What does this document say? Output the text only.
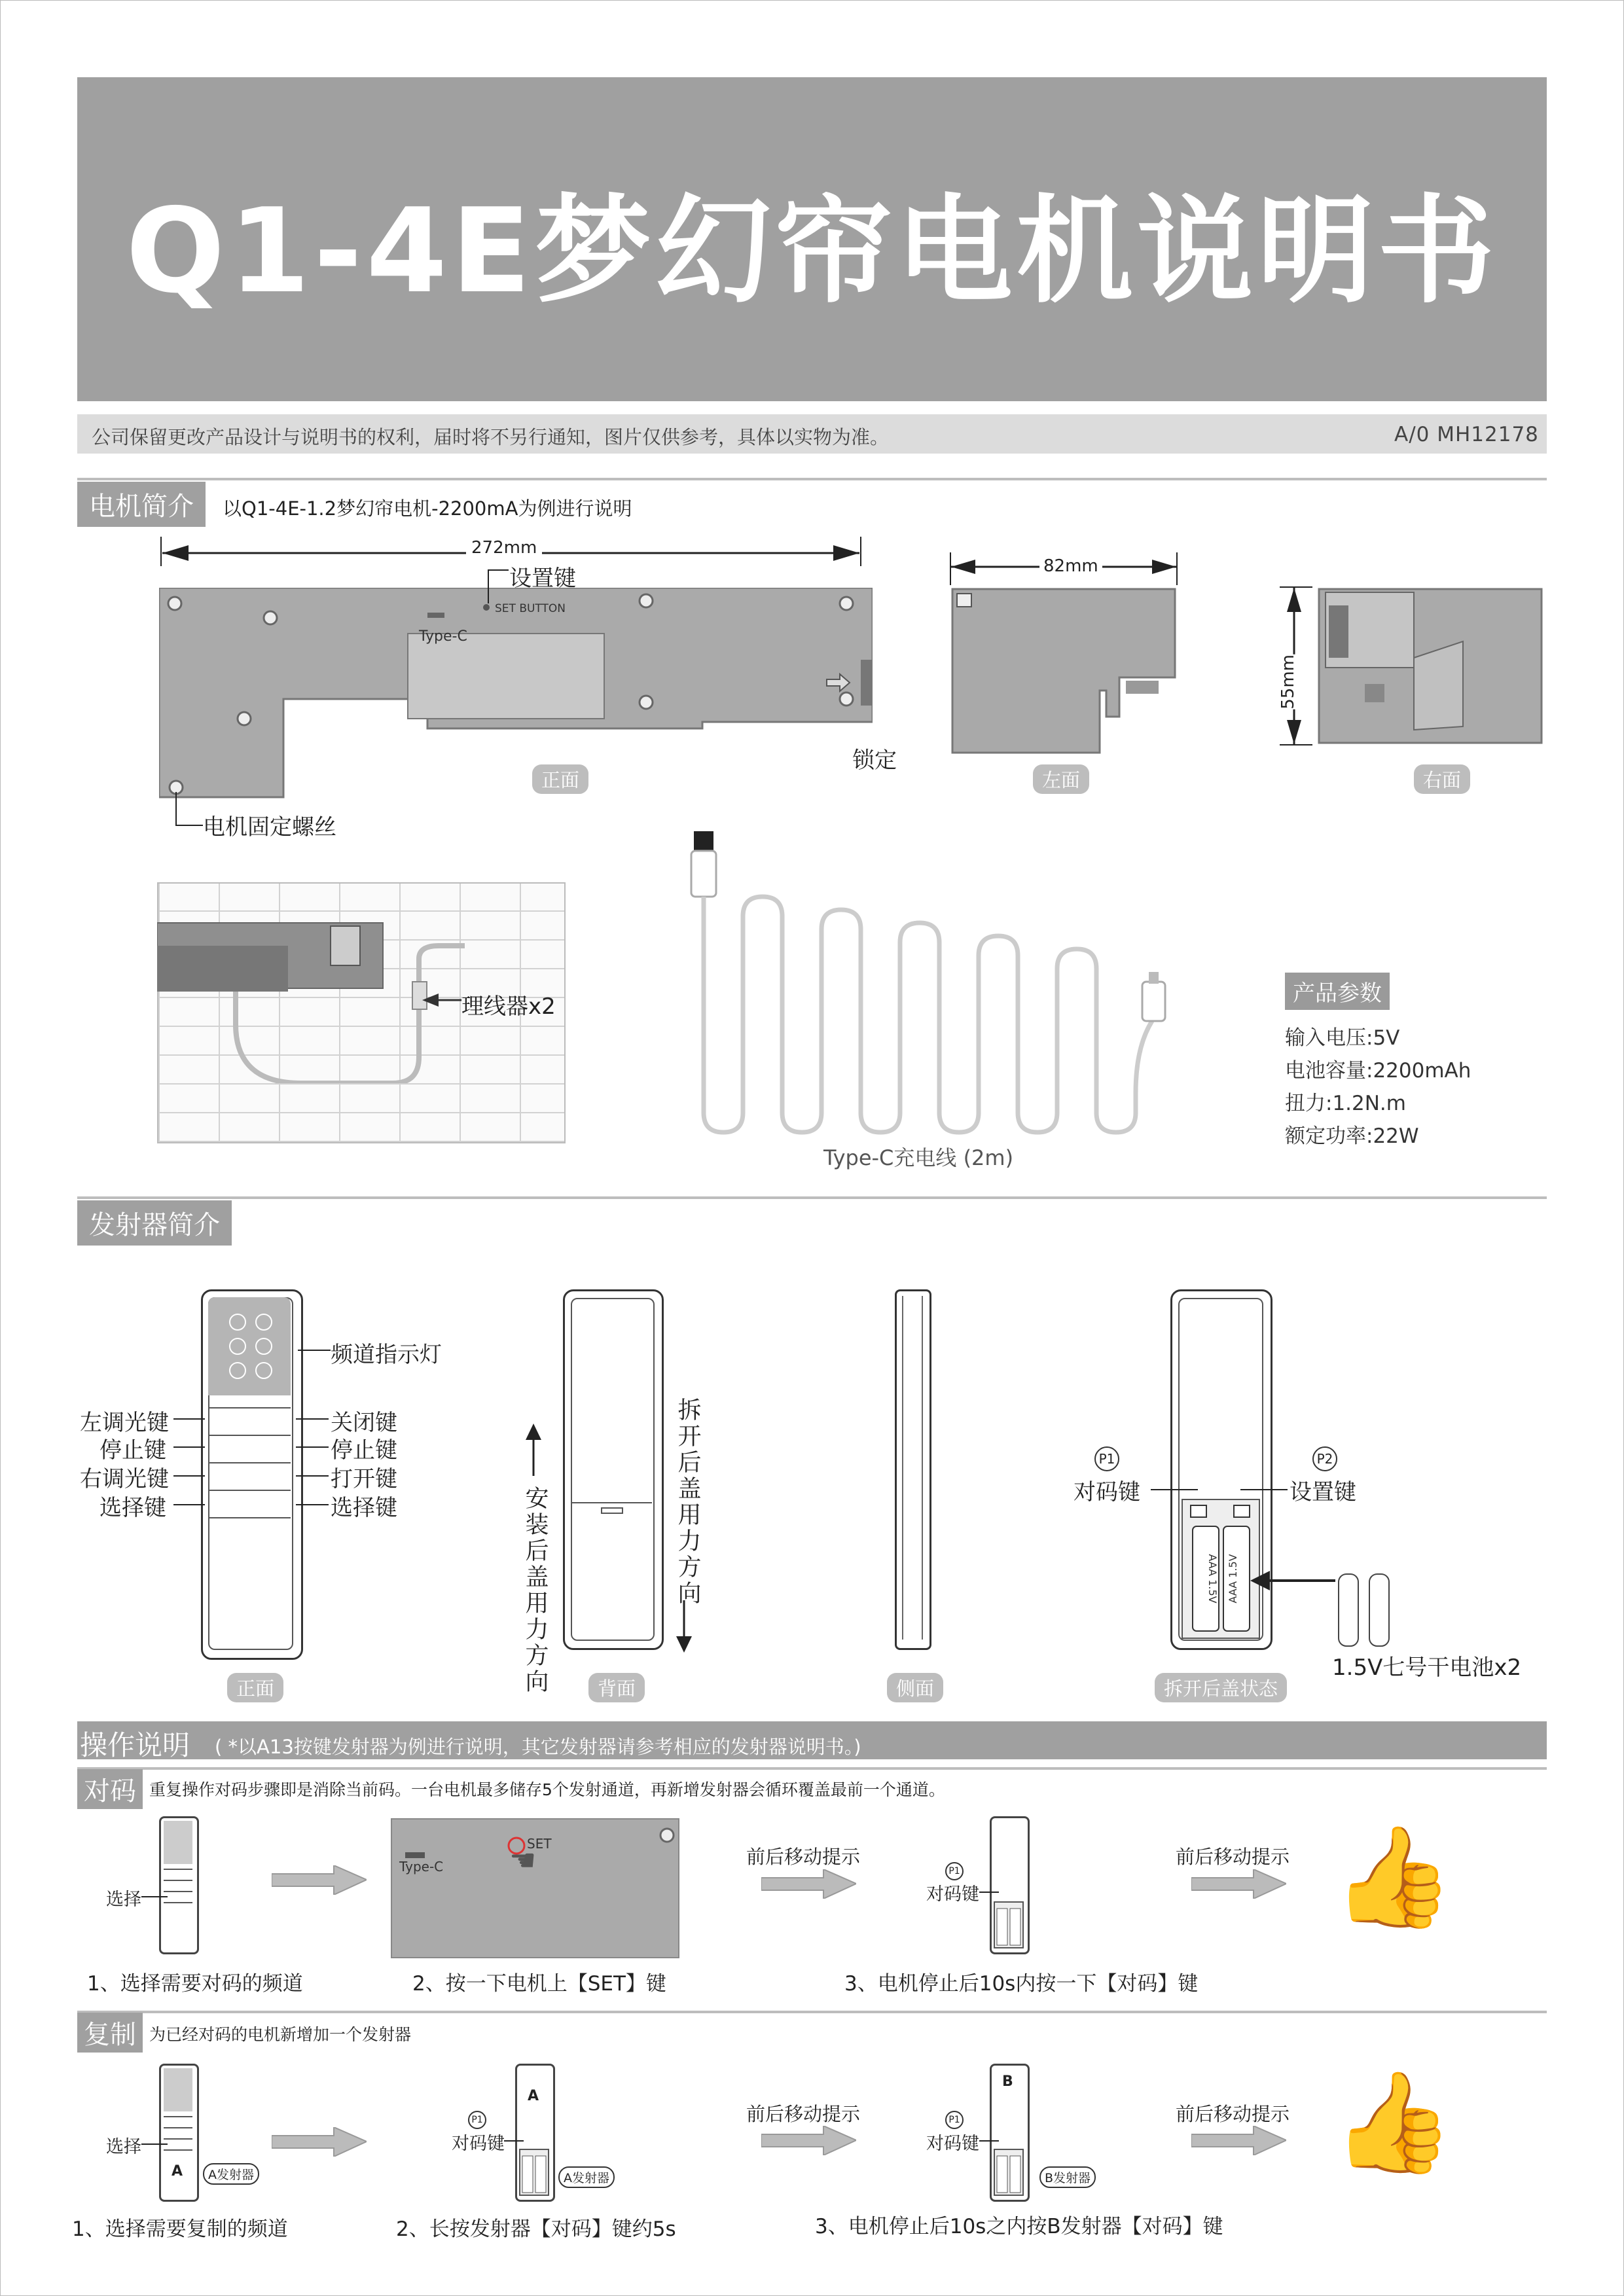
Q1-4E梦幻帘电机说明书
公司保留更改产品设计与说明书的权利，届时将不另行通知，图片仅供参考，具体以实物为准。	A/0 MH12178
电机简介	以Q1-4E-1.2梦幻帘电机-2200mA为例进行说明
272mm
Type-C
SET BUTTON
设置键
锁定
电机固定螺丝
正面
82mm
左面
55mm
右面
理线器x2
Type-C充电线 (2m)
产品参数
输入电压:5V
电池容量:2200mAh
扭力:1.2N.m
额定功率:22W
发射器简介
频道指示灯
左调光键
停止键
右调光键
选择键
关闭键
停止键
打开键
选择键
正面	安装后盖用力方向	拆开后盖用力方向
背面	侧面
AAA 1.5V AAA 1.5V
P1
对码键
P2
设置键
1.5V七号干电池x2
拆开后盖状态
操作说明 ( *以A13按键发射器为例进行说明，其它发射器请参考相应的发射器说明书。)
对码 重复操作对码步骤即是消除当前码。一台电机最多储存5个发射通道，再新增发射器会循环覆盖最前一个通道。
选择
Type-C
SET
☚	前后移动提示
P1
对码键
前后移动提示 👍
1、选择需要对码的频道	2、按一下电机上【SET】键	3、电机停止后10s内按一下【对码】键
复制 为已经对码的电机新增加一个发射器
A
选择
A发射器
A
P1
对码键
A发射器
前后移动提示
B
P1
对码键
B发射器
前后移动提示 👍
1、选择需要复制的频道	2、长按发射器【对码】键约5s	3、电机停止后10s之内按B发射器【对码】键
